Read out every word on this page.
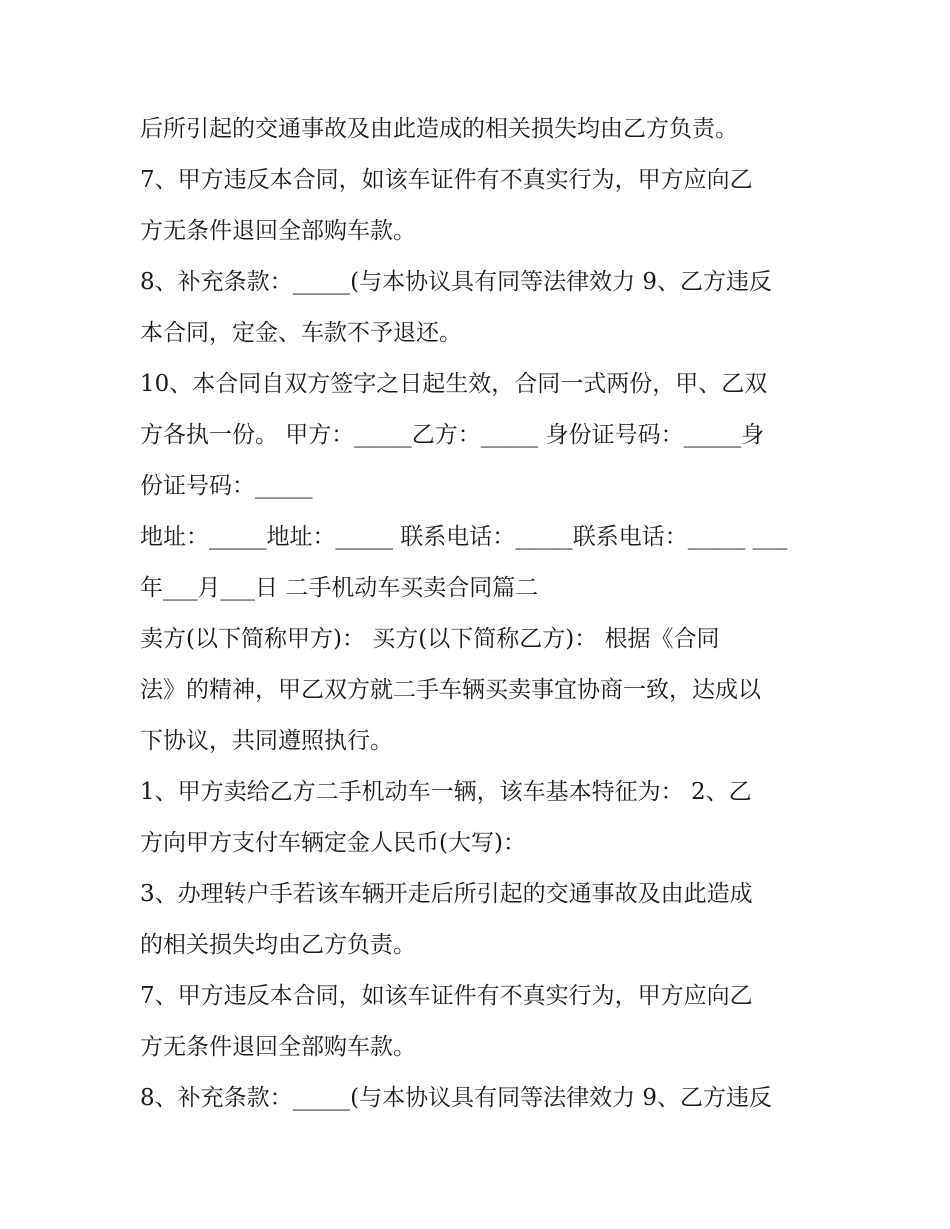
后所引起的交通事故及由此造成的相关损失均由乙方负责。

7、甲方违反本合同，如该车证件有不真实行为，甲方应向乙

方无条件退回全部购车款。

8、补充条款：_____(与本协议具有同等法律效力 9、乙方违反

本合同，定金、车款不予退还。

10、本合同自双方签字之日起生效，合同一式两份，甲、乙双

方各执一份。 甲方：_____乙方：_____ 身份证号码：_____身

份证号码：_____

地址：_____地址：_____ 联系电话：_____联系电话：_____ ___

年___月___日 二手机动车买卖合同篇二

卖方(以下简称甲方)： 买方(以下简称乙方)： 根据《合同

法》的精神，甲乙双方就二手车辆买卖事宜协商一致，达成以

下协议，共同遵照执行。

1、甲方卖给乙方二手机动车一辆，该车基本特征为： 2、乙

方向甲方支付车辆定金人民币(大写)：

3、办理转户手若该车辆开走后所引起的交通事故及由此造成

的相关损失均由乙方负责。

7、甲方违反本合同，如该车证件有不真实行为，甲方应向乙

方无条件退回全部购车款。

8、补充条款：_____(与本协议具有同等法律效力 9、乙方违反
